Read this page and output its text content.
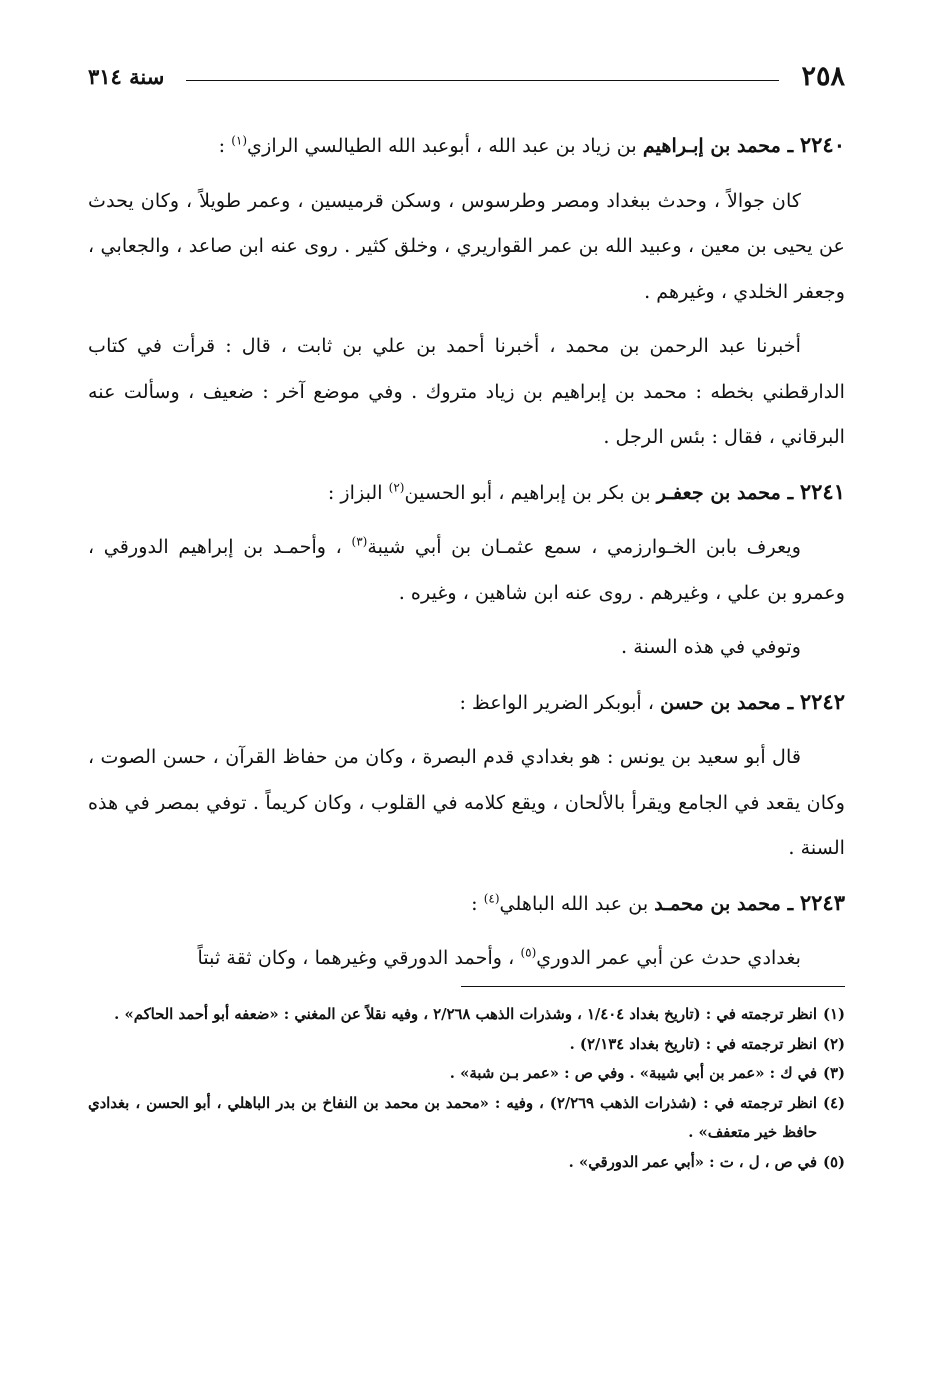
٢٥٨
سنة ٣١٤

٢٢٤٠ ـ محمد بن إبـراهيم بن زياد بن عبد الله ، أبوعبد الله الطيالسي الرازي$^{(١)}$ :

كان جوالاً ، وحدث ببغداد ومصر وطرسوس ، وسكن قرميسين ، وعمر طويلاً ، وكان يحدث عن يحيى بن معين ، وعبيد الله بن عمر القواريري ، وخلق كثير . روى عنه ابن صاعد ، والجعابي ، وجعفر الخلدي ، وغيرهم .

أخبرنا عبد الرحمن بن محمد ، أخبرنا أحمد بن علي بن ثابت ، قال : قرأت في كتاب الدارقطني بخطه : محمد بن إبراهيم بن زياد متروك . وفي موضع آخر : ضعيف ، وسألت عنه البرقاني ، فقال : بئس الرجل .

٢٢٤١ ـ محمد بن جعفـر بن بكر بن إبراهيم ، أبو الحسين$^{(٢)}$ البزاز :

ويعرف بابن الخـوارزمي ، سمع عثمـان بن أبي شيبة$^{(٣)}$ ، وأحمـد بن إبراهيم الدورقي ، وعمرو بن علي ، وغيرهم . روى عنه ابن شاهين ، وغيره .

وتوفي في هذه السنة .

٢٢٤٢ ـ محمد بن حسن ، أبوبكر الضرير الواعظ :

قال أبو سعيد بن يونس : هو بغدادي قدم البصرة ، وكان من حفاظ القرآن ، حسن الصوت ، وكان يقعد في الجامع ويقرأ بالألحان ، ويقع كلامه في القلوب ، وكان كريماً . توفي بمصر في هذه السنة .

٢٢٤٣ ـ محمد بن محمـد بن عبد الله الباهلي$^{(٤)}$ :

بغدادي حدث عن أبي عمر الدوري$^{(٥)}$ ، وأحمد الدورقي وغيرهما ، وكان ثقة ثبتاً

(١)انظر ترجمته في : (تاريخ بغداد ١/٤٠٤ ، وشذرات الذهب ٢/٢٦٨ ، وفيه نقلاً عن المغني : «ضعفه أبو أحمد الحاكم» .

(٢)انظر ترجمته في : (تاريخ بغداد ٢/١٣٤) .

(٣)في ك : «عمر بن أبي شيبة» . وفي ص : «عمر بـن شبة» .

(٤)انظر ترجمته في : (شذرات الذهب ٢/٢٦٩) ، وفيه : «محمد بن محمد بن النفاخ بن بدر الباهلي ، أبو الحسن ، بغدادي حافظ خير متعفف» .

(٥)في ص ، ل ، ت : «أبي عمر الدورقي» .
